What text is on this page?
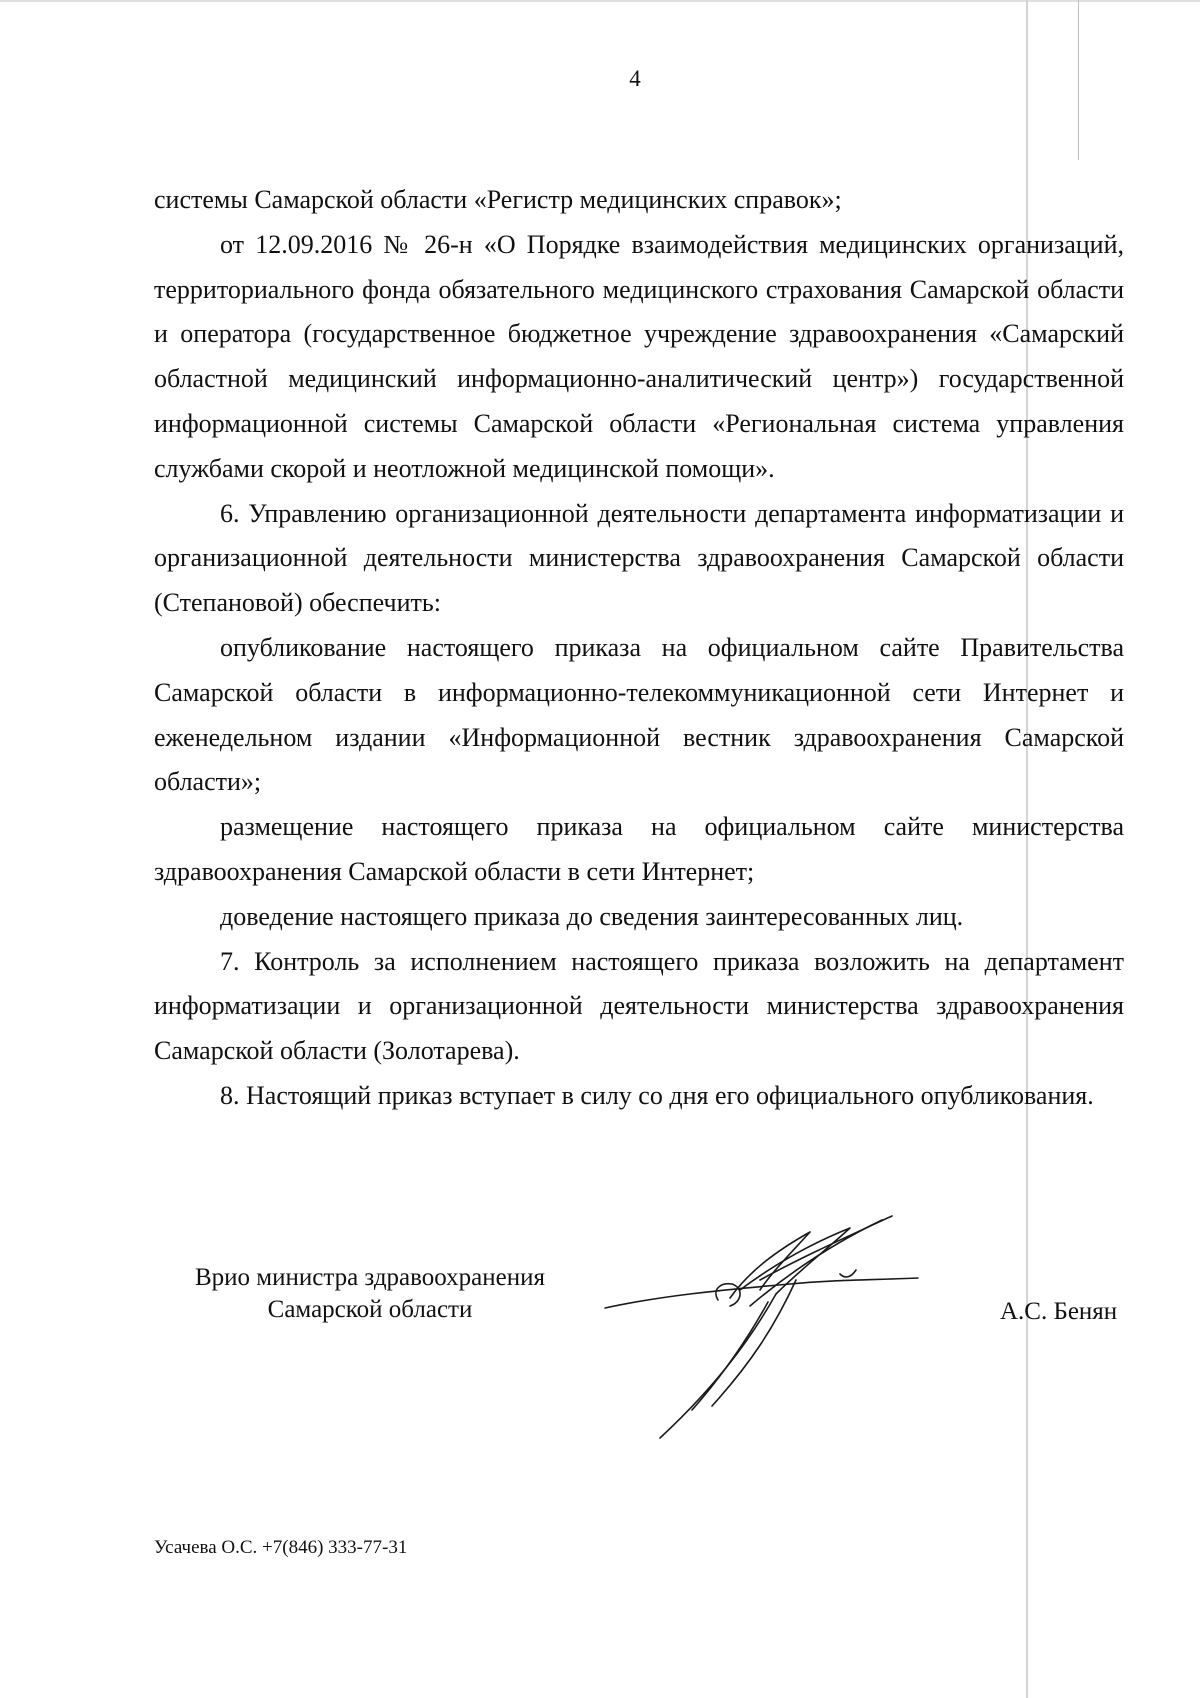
4

системы Самарской области «Регистр медицинских справок»;

от 12.09.2016 № 26-н «О Порядке взаимодействия медицинских организаций, территориального фонда обязательного медицинского страхования Самарской области и оператора (государственное бюджетное учреждение здравоохранения «Самарский областной медицинский информационно-аналитический центр») государственной информационной системы Самарской области «Региональная система управления службами скорой и неотложной медицинской помощи».

6. Управлению организационной деятельности департамента информатизации и организационной деятельности министерства здравоохранения Самарской области (Степановой) обеспечить:

опубликование настоящего приказа на официальном сайте Правительства Самарской области в информационно-телекоммуникационной сети Интернет и еженедельном издании «Информационной вестник здравоохранения Самарской области»;

размещение настоящего приказа на официальном сайте министерства здравоохранения Самарской области в сети Интернет;

доведение настоящего приказа до сведения заинтересованных лиц.

7. Контроль за исполнением настоящего приказа возложить на департамент информатизации и организационной деятельности министерства здравоохранения Самарской области (Золотарева).

8. Настоящий приказ вступает в силу со дня его официального опубликования.

Врио министра здравоохранения
Самарской области	А.С. Бенян
Усачева О.С. +7(846) 333-77-31
